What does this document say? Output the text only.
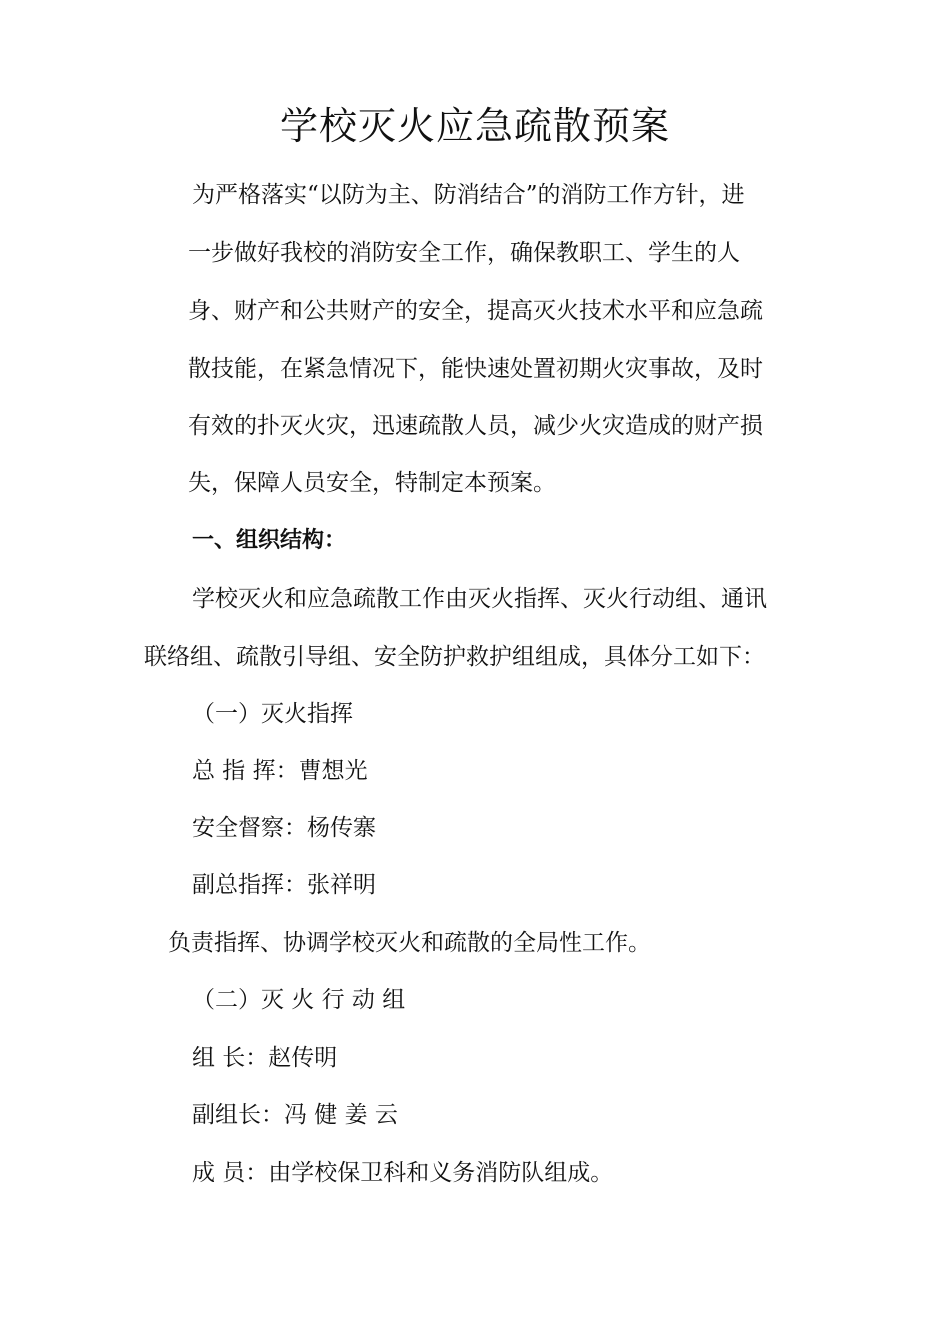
学校灭火应急疏散预案
为严格落实“以防为主、防消结合”的消防工作方针，进
一步做好我校的消防安全工作，确保教职工、学生的人
身、财产和公共财产的安全，提高灭火技术水平和应急疏
散技能，在紧急情况下，能快速处置初期火灾事故，及时
有效的扑灭火灾，迅速疏散人员，减少火灾造成的财产损
失，保障人员安全，特制定本预案。
一、组织结构：
学校灭火和应急疏散工作由灭火指挥、灭火行动组、通讯
联络组、疏散引导组、安全防护救护组组成，具体分工如下：
（一）灭火指挥
总 指 挥：曹想光
安全督察：杨传寨
副总指挥：张祥明
负责指挥、协调学校灭火和疏散的全局性工作。
（二）灭 火 行 动 组
组 长：赵传明
副组长：冯 健 姜 云
成 员：由学校保卫科和义务消防队组成。
